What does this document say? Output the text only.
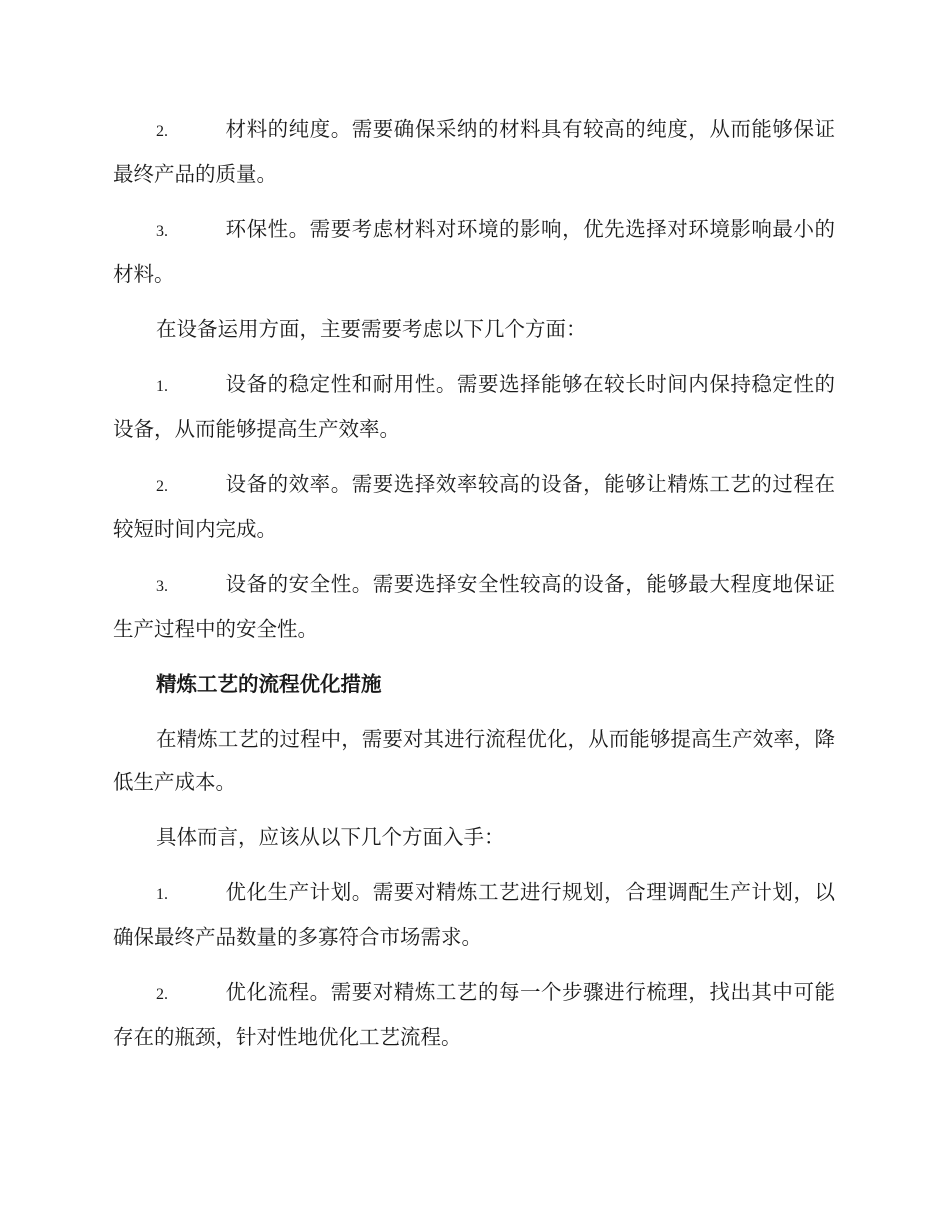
2.	材料的纯度。需要确保采纳的材料具有较高的纯度，从而能够保证最终产品的质量。

3.	环保性。需要考虑材料对环境的影响，优先选择对环境影响最小的材料。

在设备运用方面，主要需要考虑以下几个方面：

1.	设备的稳定性和耐用性。需要选择能够在较长时间内保持稳定性的设备，从而能够提高生产效率。

2.	设备的效率。需要选择效率较高的设备，能够让精炼工艺的过程在较短时间内完成。

3.	设备的安全性。需要选择安全性较高的设备，能够最大程度地保证生产过程中的安全性。

精炼工艺的流程优化措施

在精炼工艺的过程中，需要对其进行流程优化，从而能够提高生产效率，降低生产成本。

具体而言，应该从以下几个方面入手：

1.	优化生产计划。需要对精炼工艺进行规划，合理调配生产计划，以确保最终产品数量的多寡符合市场需求。

2.	优化流程。需要对精炼工艺的每一个步骤进行梳理，找出其中可能存在的瓶颈，针对性地优化工艺流程。
